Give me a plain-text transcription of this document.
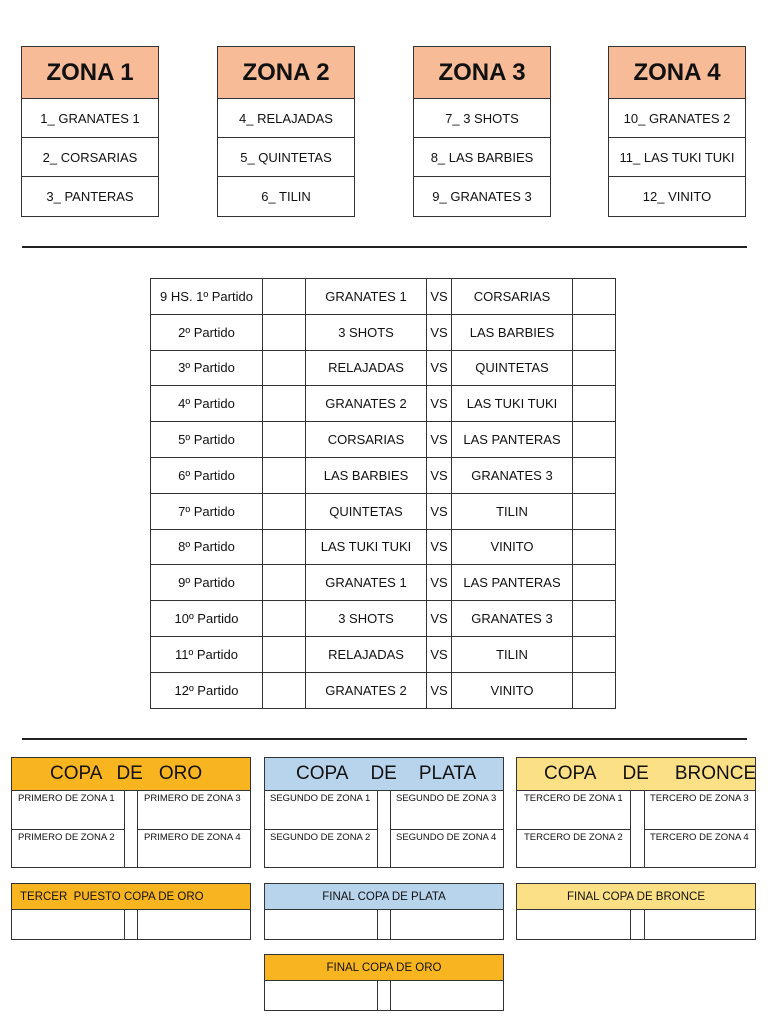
ZONA 1
1_ GRANATES 1
2_ CORSARIAS
3_ PANTERAS
ZONA 2
4_ RELAJADAS
5_ QUINTETAS
6_ TILIN
ZONA 3
7_ 3 SHOTS
8_ LAS BARBIES
9_ GRANATES 3
ZONA 4
10_ GRANATES 2
11_ LAS TUKI TUKI
12_ VINITO
9 HS. 1º Partido		GRANATES 1	VS	CORSARIAS	
2º Partido		3 SHOTS	VS	LAS BARBIES	
3º Partido		RELAJADAS	VS	QUINTETAS	
4º Partido		GRANATES 2	VS	LAS TUKI TUKI	
5º Partido		CORSARIAS	VS	LAS PANTERAS	
6º Partido		LAS BARBIES	VS	GRANATES 3	
7º Partido		QUINTETAS	VS	TILIN	
8º Partido		LAS TUKI TUKI	VS	VINITO	
9º Partido		GRANATES 1	VS	LAS PANTERAS	
10º Partido		3 SHOTS	VS	GRANATES 3	
11º Partido		RELAJADAS	VS	TILIN	
12º Partido		GRANATES 2	VS	VINITO	
COPA DE ORO
PRIMERO DE ZONA 1	PRIMERO DE ZONA 3
PRIMERO DE ZONA 2	PRIMERO DE ZONA 4
COPA DE PLATA
SEGUNDO DE ZONA 1	SEGUNDO DE ZONA 3
SEGUNDO DE ZONA 2	SEGUNDO DE ZONA 4
COPA DE BRONCE
TERCERO DE ZONA 1	TERCERO DE ZONA 3
TERCERO DE ZONA 2	TERCERO DE ZONA 4
TERCER  PUESTO COPA DE ORO	FINAL COPA DE PLATA	FINAL COPA DE BRONCE
FINAL COPA DE ORO
